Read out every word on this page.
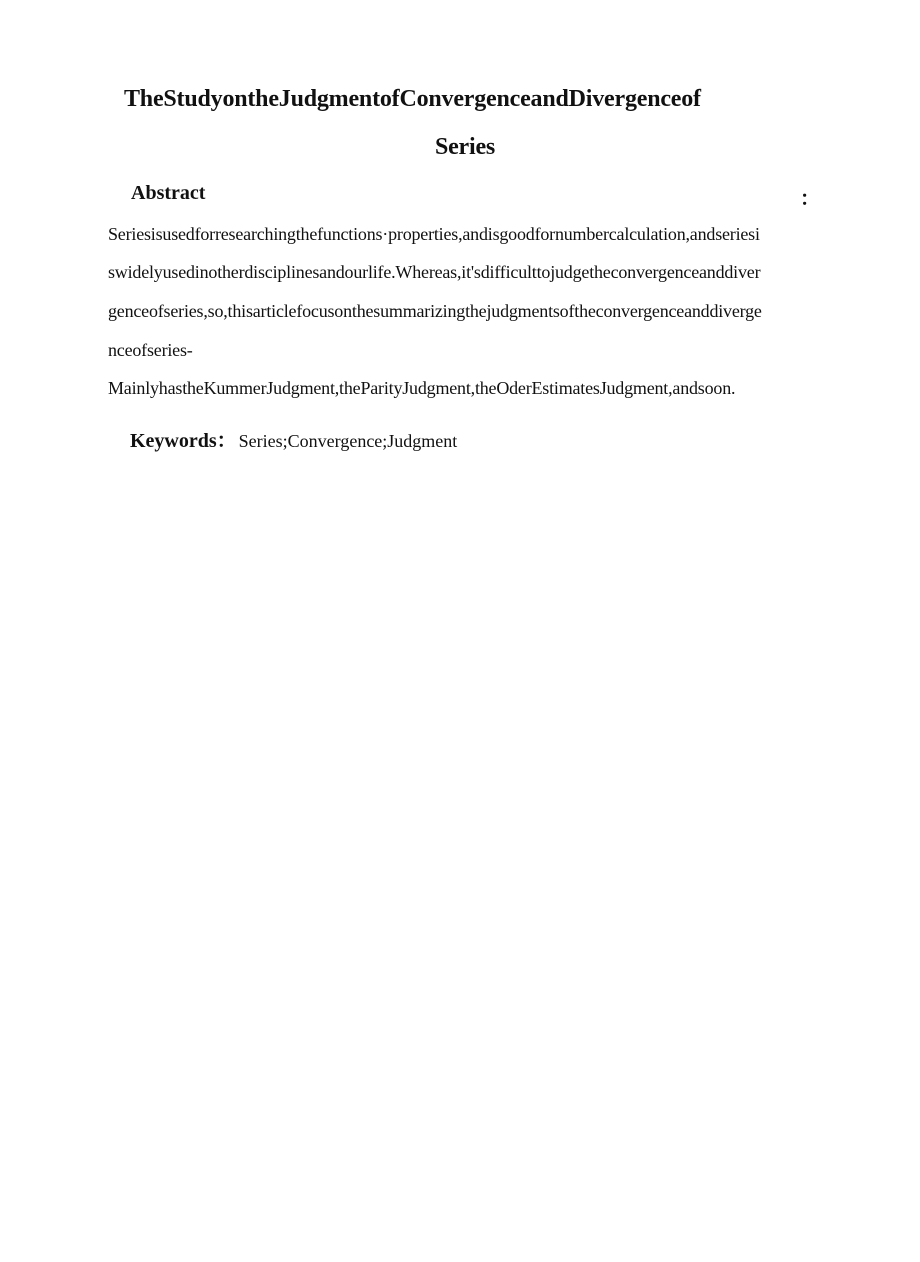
TheStudyontheJudgmentofConvergenceandDivergenceof
Series
Abstract	：
Seriesisusedforresearchingthefunctions·properties,andisgoodfornumbercalculation,andseriesi
swidelyusedinotherdisciplinesandourlife.Whereas,it'sdifficulttojudgetheconvergenceanddiver
genceofseries,so,thisarticlefocusonthesummarizingthejudgmentsoftheconvergenceanddiverge
nceofseries-
MainlyhastheKummerJudgment,theParityJudgment,theOderEstimatesJudgment,andsoon.
Keywords： Series;Convergence;Judgment
